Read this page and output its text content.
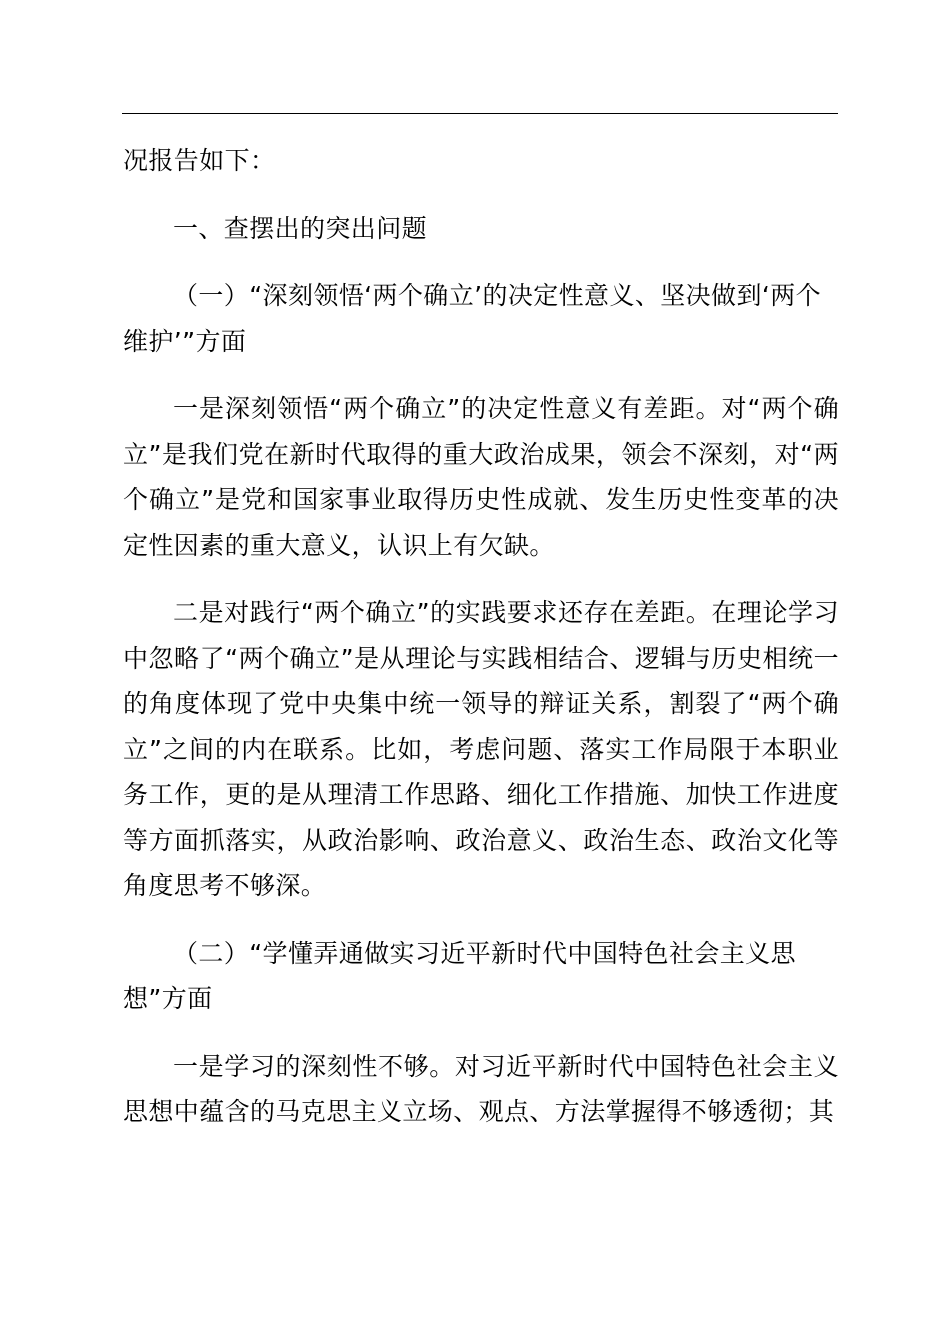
况报告如下：

一、查摆出的突出问题

（一）“深刻领悟‘两个确立’的决定性意义、坚决做到‘两个
维护’”方面

一是深刻领悟“两个确立”的决定性意义有差距。对“两个确立”是我们党在新时代取得的重大政治成果，领会不深刻，对“两个确立”是党和国家事业取得历史性成就、发生历史性变革的决定性因素的重大意义，认识上有欠缺。

二是对践行“两个确立”的实践要求还存在差距。在理论学习中忽略了“两个确立”是从理论与实践相结合、逻辑与历史相统一的角度体现了党中央集中统一领导的辩证关系，割裂了“两个确立”之间的内在联系。比如，考虑问题、落实工作局限于本职业务工作，更的是从理清工作思路、细化工作措施、加快工作进度等方面抓落实，从政治影响、政治意义、政治生态、政治文化等角度思考不够深。

（二）“学懂弄通做实习近平新时代中国特色社会主义思
想”方面

一是学习的深刻性不够。对习近平新时代中国特色社会主义思想中蕴含的马克思主义立场、观点、方法掌握得不够透彻；其
